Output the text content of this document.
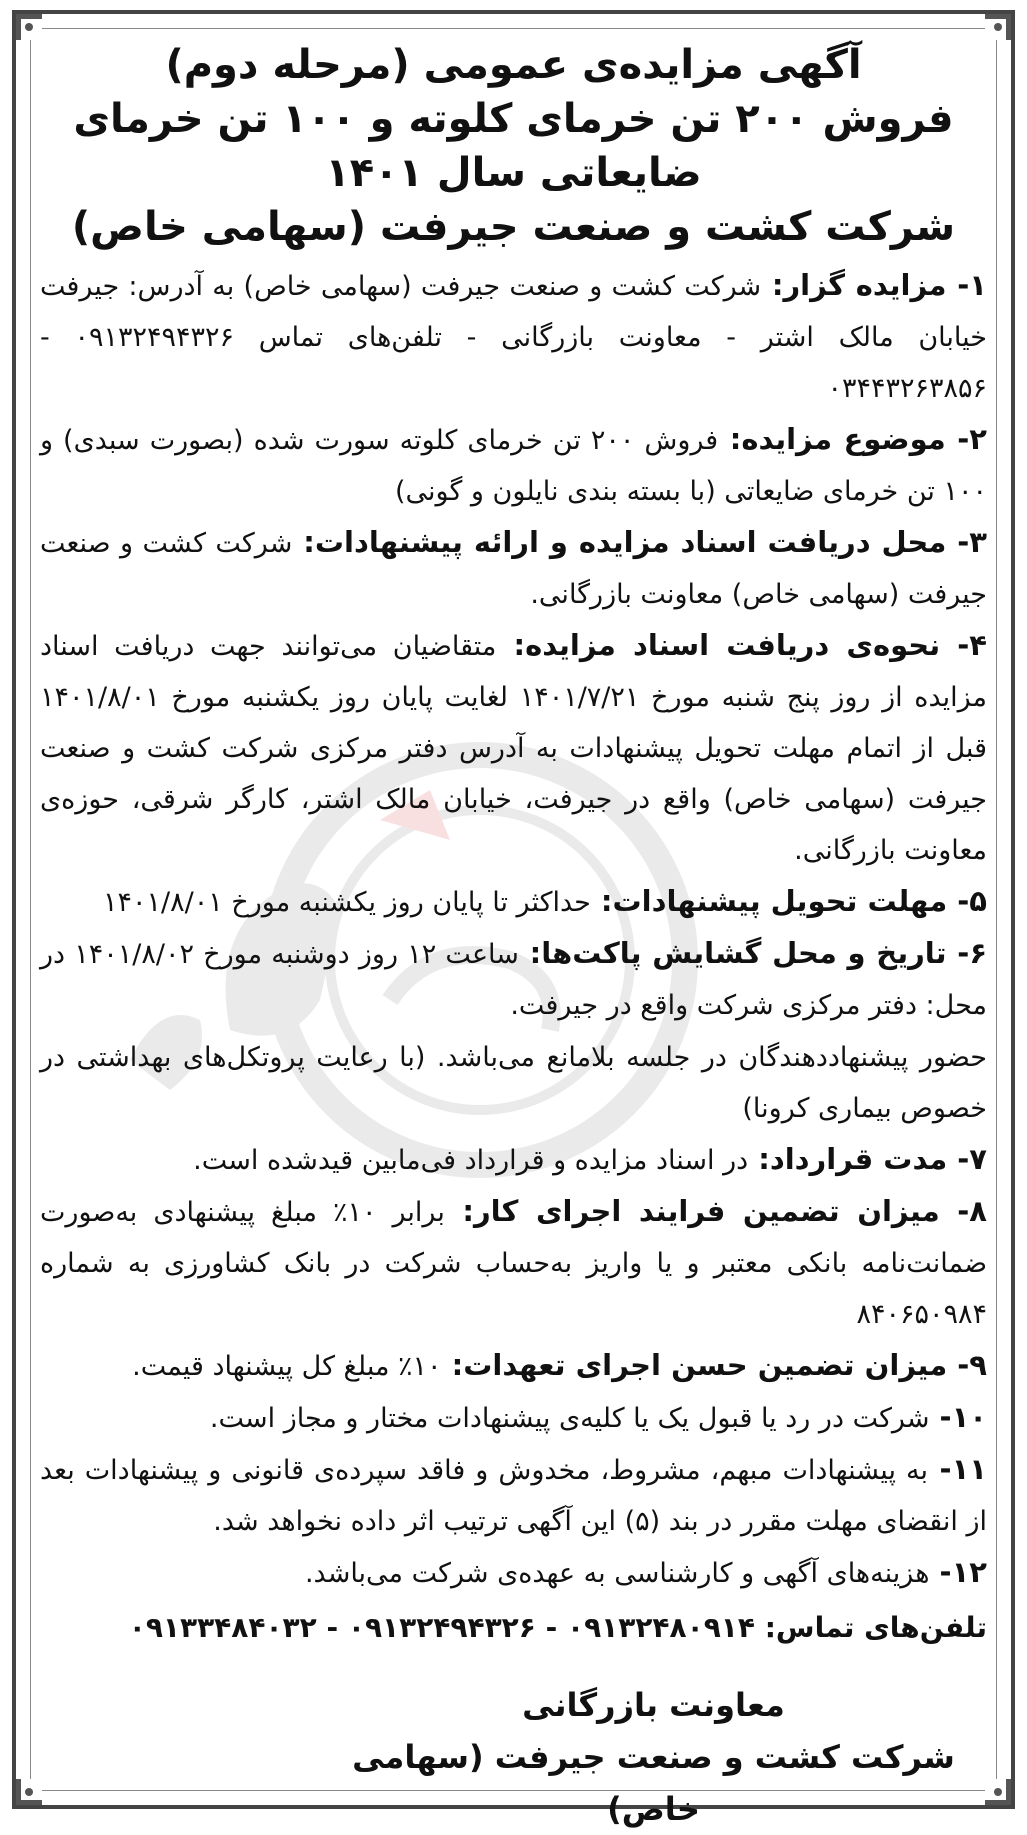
آگهی مزایده‌ی عمومی (مرحله دوم)

فروش ۲۰۰ تن خرمای کلوته و ۱۰۰ تن خرمای ضایعاتی سال ۱۴۰۱

شرکت کشت و صنعت جیرفت (سهامی خاص)

۱- مزایده گزار: شرکت کشت و صنعت جیرفت (سهامی خاص) به آدرس: جیرفت خیابان مالک اشتر - معاونت بازرگانی - تلفن‌های تماس ۰۹۱۳۲۴۹۴۳۲۶ - ۰۳۴۴۳۲۶۳۸۵۶

۲- موضوع مزایده: فروش ۲۰۰ تن خرمای کلوته سورت شده (بصورت سبدی) و ۱۰۰ تن خرمای ضایعاتی (با بسته بندی نایلون و گونی)

۳- محل دریافت اسناد مزایده و ارائه پیشنهادات: شرکت کشت و صنعت جیرفت (سهامی خاص) معاونت بازرگانی.

۴- نحوه‌ی دریافت اسناد مزایده: متقاضیان می‌توانند جهت دریافت اسناد مزایده از روز پنج شنبه مورخ ۱۴۰۱/۷/۲۱ لغایت پایان روز یکشنبه مورخ ۱۴۰۱/۸/۰۱ قبل از اتمام مهلت تحویل پیشنهادات به آدرس دفتر مرکزی شرکت کشت و صنعت جیرفت (سهامی خاص) واقع در جیرفت، خیابان مالک اشتر، کارگر شرقی، حوزه‌ی معاونت بازرگانی.

۵- مهلت تحویل پیشنهادات: حداکثر تا پایان روز یکشنبه مورخ ۱۴۰۱/۸/۰۱

۶- تاریخ و محل گشایش پاکت‌ها: ساعت ۱۲ روز دوشنبه مورخ ۱۴۰۱/۸/۰۲ در محل: دفتر مرکزی شرکت واقع در جیرفت.

حضور پیشنهاددهندگان در جلسه بلامانع می‌باشد. (با رعایت پروتکل‌های بهداشتی در خصوص بیماری کرونا)

۷- مدت قرارداد: در اسناد مزایده و قرارداد فی‌مابین قیدشده است.

۸- میزان تضمین فرایند اجرای کار: برابر ۱۰٪ مبلغ پیشنهادی به‌صورت ضمانت‌نامه بانکی معتبر و یا واریز به‌حساب شرکت در بانک کشاورزی به شماره ۸۴۰۶۵۰۹۸۴

۹- میزان تضمین حسن اجرای تعهدات: ۱۰٪ مبلغ کل پیشنهاد قیمت.

۱۰- شرکت در رد یا قبول یک یا کلیه‌ی پیشنهادات مختار و مجاز است.

۱۱- به پیشنهادات مبهم، مشروط، مخدوش و فاقد سپرده‌ی قانونی و پیشنهادات بعد از انقضای مهلت مقرر در بند (۵) این آگهی ترتیب اثر داده نخواهد شد.

۱۲- هزینه‌های آگهی و کارشناسی به عهده‌ی شرکت می‌باشد.

تلفن‌های تماس: ۰۹۱۳۲۴۸۰۹۱۴ - ۰۹۱۳۲۴۹۴۳۲۶ - ۰۹۱۳۳۴۸۴۰۳۲

معاونت بازرگانی
شرکت کشت و صنعت جیرفت (سهامی خاص)
